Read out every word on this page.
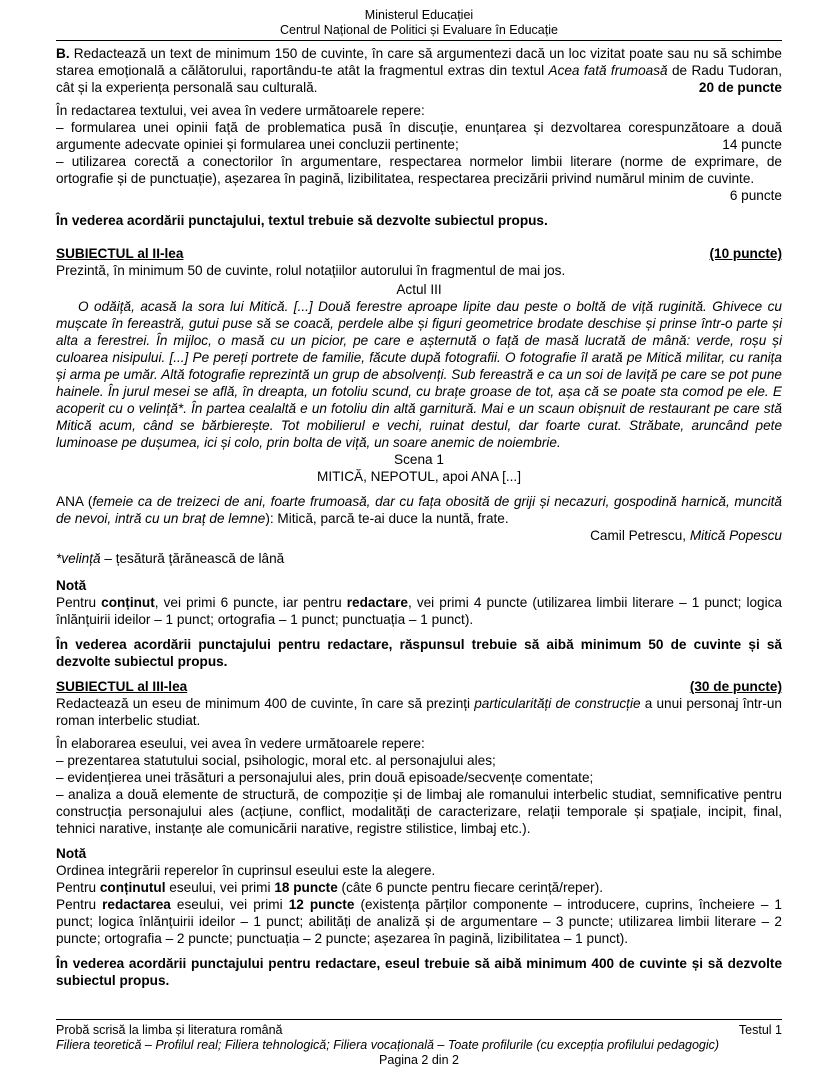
Ministerul Educației
Centrul Național de Politici și Evaluare în Educație

B. Redactează un text de minimum 150 de cuvinte, în care să argumentezi dacă un loc vizitat poate sau nu să schimbe starea emoțională a călătorului, raportându-te atât la fragmentul extras din textul Acea fată frumoasă de Radu Tudoran, cât și la experiența personală sau culturală.	20 de puncte

În redactarea textului, vei avea în vedere următoarele repere:

– formularea unei opinii față de problematica pusă în discuție, enunțarea și dezvoltarea corespunzătoare a două argumente adecvate opiniei și formularea unei concluzii pertinente;	14 puncte

– utilizarea corectă a conectorilor în argumentare, respectarea normelor limbii literare (norme de exprimare, de ortografie și de punctuație), așezarea în pagină, lizibilitatea, respectarea precizării privind numărul minim de cuvinte.

6 puncte

În vederea acordării punctajului, textul trebuie să dezvolte subiectul propus.

SUBIECTUL al II-lea	(10 puncte)

Prezintă, în minimum 50 de cuvinte, rolul notațiilor autorului în fragmentul de mai jos.

Actul III

O odăiță, acasă la sora lui Mitică. [...] Două ferestre aproape lipite dau peste o boltă de viță ruginită. Ghivece cu mușcate în fereastră, gutui puse să se coacă, perdele albe și figuri geometrice brodate deschise și prinse într-o parte și alta a ferestrei. În mijloc, o masă cu un picior, pe care e așternută o față de masă lucrată de mână: verde, roșu și culoarea nisipului. [...] Pe pereți portrete de familie, făcute după fotografii. O fotografie îl arată pe Mitică militar, cu ranița și arma pe umăr. Altă fotografie reprezintă un grup de absolvenți. Sub fereastră e ca un soi de laviță pe care se pot pune hainele. În jurul mesei se află, în dreapta, un fotoliu scund, cu brațe groase de tot, așa că se poate sta comod pe ele. E acoperit cu o velință*. În partea cealaltă e un fotoliu din altă garnitură. Mai e un scaun obișnuit de restaurant pe care stă Mitică acum, când se bărbierește. Tot mobilierul e vechi, ruinat destul, dar foarte curat. Străbate, aruncând pete luminoase pe dușumea, ici și colo, prin bolta de viță, un soare anemic de noiembrie.

Scena 1

MITICĂ, NEPOTUL, apoi ANA [...]

ANA (femeie ca de treizeci de ani, foarte frumoasă, dar cu fața obosită de griji și necazuri, gospodină harnică, muncită de nevoi, intră cu un braț de lemne): Mitică, parcă te-ai duce la nuntă, frate.

Camil Petrescu, Mitică Popescu

*velință – țesătură țărănească de lână

Notă

Pentru conținut, vei primi 6 puncte, iar pentru redactare, vei primi 4 puncte (utilizarea limbii literare – 1 punct; logica înlănțuirii ideilor – 1 punct; ortografia – 1 punct; punctuația – 1 punct).

În vederea acordării punctajului pentru redactare, răspunsul trebuie să aibă minimum 50 de cuvinte și să dezvolte subiectul propus.

SUBIECTUL al III-lea	(30 de puncte)

Redactează un eseu de minimum 400 de cuvinte, în care să prezinți particularități de construcție a unui personaj într-un roman interbelic studiat.

În elaborarea eseului, vei avea în vedere următoarele repere:

– prezentarea statutului social, psihologic, moral etc. al personajului ales;

– evidențierea unei trăsături a personajului ales, prin două episoade/secvențe comentate;

– analiza a două elemente de structură, de compoziție și de limbaj ale romanului interbelic studiat, semnificative pentru construcția personajului ales (acțiune, conflict, modalități de caracterizare, relații temporale și spațiale, incipit, final, tehnici narative, instanțe ale comunicării narative, registre stilistice, limbaj etc.).

Notă

Ordinea integrării reperelor în cuprinsul eseului este la alegere.

Pentru conținutul eseului, vei primi 18 puncte (câte 6 puncte pentru fiecare cerință/reper).

Pentru redactarea eseului, vei primi 12 puncte (existența părților componente – introducere, cuprins, încheiere – 1 punct; logica înlănțuirii ideilor – 1 punct; abilități de analiză și de argumentare – 3 puncte; utilizarea limbii literare – 2 puncte; ortografia – 2 puncte; punctuația – 2 puncte; așezarea în pagină, lizibilitatea – 1 punct).

În vederea acordării punctajului pentru redactare, eseul trebuie să aibă minimum 400 de cuvinte și să dezvolte subiectul propus.

Probă scrisă la limba și literatura română	Testul 1
Filiera teoretică – Profilul real; Filiera tehnologică; Filiera vocațională – Toate profilurile (cu excepția profilului pedagogic)
Pagina 2 din 2
